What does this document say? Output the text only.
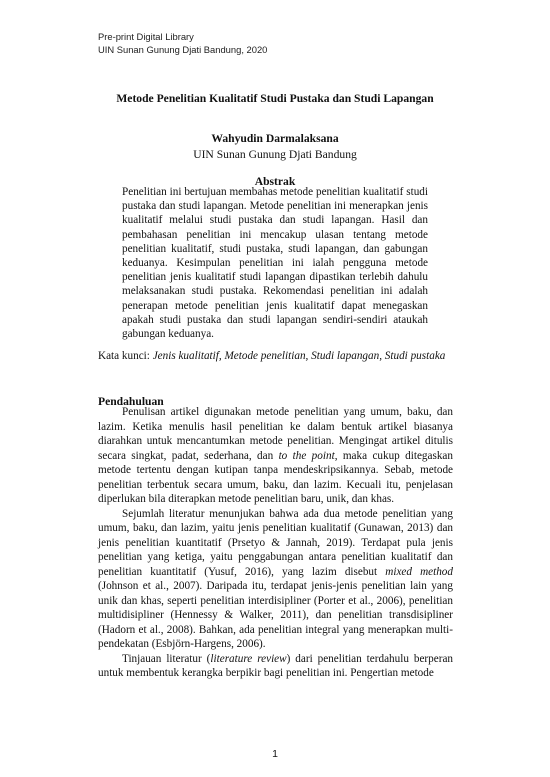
Pre-print Digital Library
UIN Sunan Gunung Djati Bandung, 2020
Metode Penelitian Kualitatif Studi Pustaka dan Studi Lapangan
Wahyudin Darmalaksana
UIN Sunan Gunung Djati Bandung
Abstrak

Penelitian ini bertujuan membahas metode penelitian kualitatif studi pustaka dan studi lapangan. Metode penelitian ini menerapkan jenis kualitatif melalui studi pustaka dan studi lapangan. Hasil dan pembahasan penelitian ini mencakup ulasan tentang metode penelitian kualitatif, studi pustaka, studi lapangan, dan gabungan keduanya. Kesimpulan penelitian ini ialah pengguna metode penelitian jenis kualitatif studi lapangan dipastikan terlebih dahulu melaksanakan studi pustaka. Rekomendasi penelitian ini adalah penerapan metode penelitian jenis kualitatif dapat menegaskan apakah studi pustaka dan studi lapangan sendiri-sendiri ataukah gabungan keduanya.

Kata kunci: Jenis kualitatif, Metode penelitian, Studi lapangan, Studi pustaka

Pendahuluan

Penulisan artikel digunakan metode penelitian yang umum, baku, dan lazim. Ketika menulis hasil penelitian ke dalam bentuk artikel biasanya diarahkan untuk mencantumkan metode penelitian. Mengingat artikel ditulis secara singkat, padat, sederhana, dan to the point, maka cukup ditegaskan metode tertentu dengan kutipan tanpa mendeskripsikannya. Sebab, metode penelitian terbentuk secara umum, baku, dan lazim. Kecuali itu, penjelasan diperlukan bila diterapkan metode penelitian baru, unik, dan khas.

Sejumlah literatur menunjukan bahwa ada dua metode penelitian yang umum, baku, dan lazim, yaitu jenis penelitian kualitatif (Gunawan, 2013) dan jenis penelitian kuantitatif (Prsetyo & Jannah, 2019). Terdapat pula jenis penelitian yang ketiga, yaitu penggabungan antara penelitian kualitatif dan penelitian kuantitatif (Yusuf, 2016), yang lazim disebut mixed method (Johnson et al., 2007). Daripada itu, terdapat jenis-jenis penelitian lain yang unik dan khas, seperti penelitian interdisipliner (Porter et al., 2006), penelitian multidisipliner (Hennessy & Walker, 2011), dan penelitian transdisipliner (Hadorn et al., 2008). Bahkan, ada penelitian integral yang menerapkan multi-pendekatan (Esbjörn-Hargens, 2006).

Tinjauan literatur (literature review) dari penelitian terdahulu berperan untuk membentuk kerangka berpikir bagi penelitian ini. Pengertian metode

1
